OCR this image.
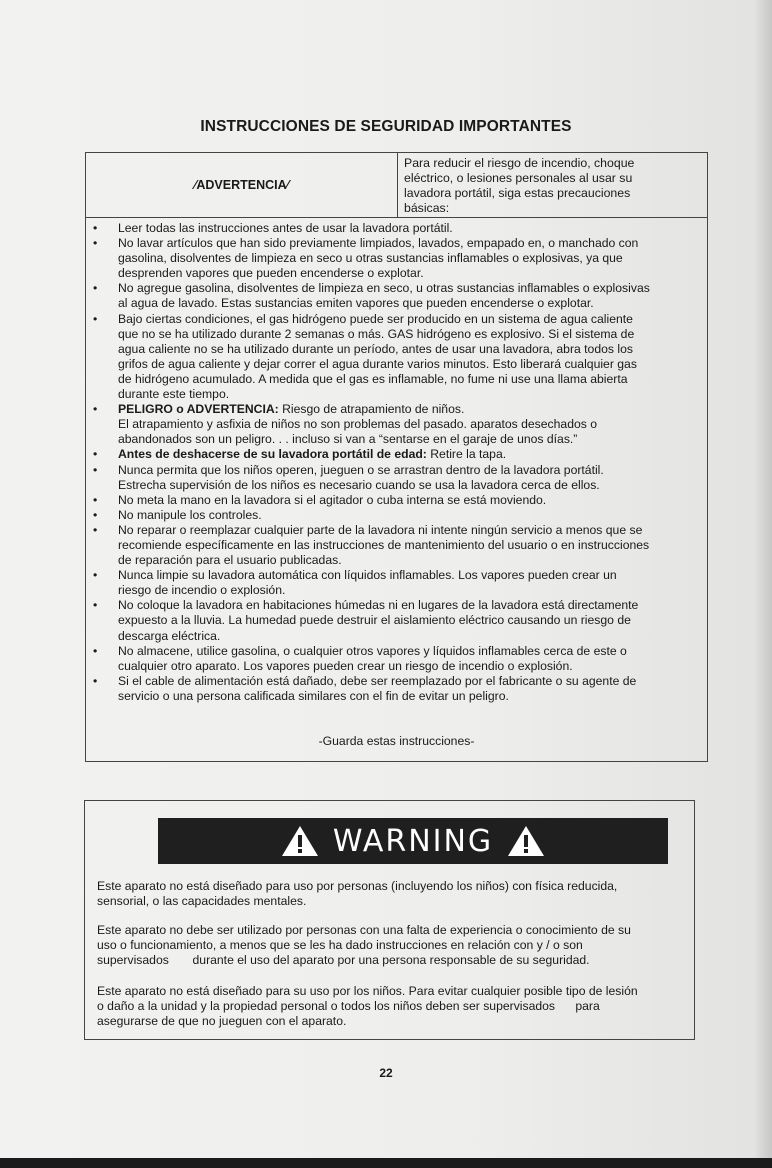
INSTRUCCIONES DE SEGURIDAD IMPORTANTES
⁄ADVERTENCIA⁄
Para reducir el riesgo de incendio, choque
eléctrico, o lesiones personales al usar su
lavadora portátil, siga estas precauciones
básicas:
• Leer todas las instrucciones antes de usar la lavadora portátil.
• No lavar artículos que han sido previamente limpiados, lavados, empapado en, o manchado con
gasolina, disolventes de limpieza en seco u otras sustancias inflamables o explosivas, ya que
desprenden vapores que pueden encenderse o explotar.
• No agregue gasolina, disolventes de limpieza en seco, u otras sustancias inflamables o explosivas
al agua de lavado. Estas sustancias emiten vapores que pueden encenderse o explotar.
• Bajo ciertas condiciones, el gas hidrógeno puede ser producido en un sistema de agua caliente
que no se ha utilizado durante 2 semanas o más. GAS hidrógeno es explosivo. Si el sistema de
agua caliente no se ha utilizado durante un período, antes de usar una lavadora, abra todos los
grifos de agua caliente y dejar correr el agua durante varios minutos. Esto liberará cualquier gas
de hidrógeno acumulado. A medida que el gas es inflamable, no fume ni use una llama abierta
durante este tiempo.
• PELIGRO o ADVERTENCIA: Riesgo de atrapamiento de niños.
El atrapamiento y asfixia de niños no son problemas del pasado. aparatos desechados o
abandonados son un peligro. . . incluso si van a “sentarse en el garaje de unos días.”
• Antes de deshacerse de su lavadora portátil de edad: Retire la tapa.
• Nunca permita que los niños operen, jueguen o se arrastran dentro de la lavadora portátil.
Estrecha supervisión de los niños es necesario cuando se usa la lavadora cerca de ellos.
• No meta la mano en la lavadora si el agitador o cuba interna se está moviendo.
• No manipule los controles.
• No reparar o reemplazar cualquier parte de la lavadora ni intente ningún servicio a menos que se
recomiende específicamente en las instrucciones de mantenimiento del usuario o en instrucciones
de reparación para el usuario publicadas.
• Nunca limpie su lavadora automática con líquidos inflamables. Los vapores pueden crear un
riesgo de incendio o explosión.
• No coloque la lavadora en habitaciones húmedas ni en lugares de la lavadora está directamente
expuesto a la lluvia. La humedad puede destruir el aislamiento eléctrico causando un riesgo de
descarga eléctrica.
• No almacene, utilice gasolina, o cualquier otros vapores y líquidos inflamables cerca de este o
cualquier otro aparato. Los vapores pueden crear un riesgo de incendio o explosión.
• Si el cable de alimentación está dañado, debe ser reemplazado por el fabricante o su agente de
servicio o una persona calificada similares con el fin de evitar un peligro.
-Guarda estas instrucciones-
WARNING

Este aparato no está diseñado para uso por personas (incluyendo los niños) con física reducida,
sensorial, o las capacidades mentales.

Este aparato no debe ser utilizado por personas con una falta de experiencia o conocimiento de su
uso o funcionamiento, a menos que se les ha dado instrucciones en relación con y / o son
supervisados       durante el uso del aparato por una persona responsable de su seguridad.

Este aparato no está diseñado para su uso por los niños. Para evitar cualquier posible tipo de lesión
o daño a la unidad y la propiedad personal o todos los niños deben ser supervisados      para
asegurarse de que no jueguen con el aparato.

22
